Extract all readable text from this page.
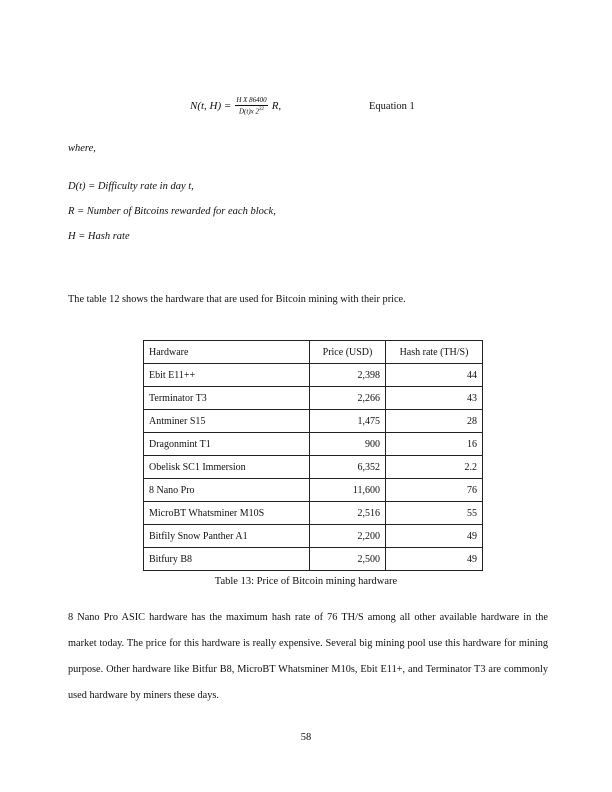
N(t, $H) = \frac{\text{H X 86400}}{D(t)x 2^{32}} R$,	Equation 1
where,
D(t) = Difficulty rate in day t,
R = Number of Bitcoins rewarded for each block,
H = Hash rate
The table 12 shows the hardware that are used for Bitcoin mining with their price.
Hardware	Price (USD)	Hash rate (TH/S)
Ebit E11++	2,398	44
Terminator T3	2,266	43
Antminer S15	1,475	28
Dragonmint T1	900	16
Obelisk SC1 Immersion	6,352	2.2
8 Nano Pro	11,600	76
MicroBT Whatsminer M10S	2,516	55
Bitfily Snow Panther A1	2,200	49
Bitfury B8	2,500	49
Table 13: Price of Bitcoin mining hardware
8 Nano Pro ASIC hardware has the maximum hash rate of 76 TH/S among all other available hardware in the market today. The price for this hardware is really expensive. Several big mining pool use this hardware for mining purpose. Other hardware like Bitfur B8, MicroBT Whatsminer M10s, Ebit E11+, and Terminator T3 are commonly used hardware by miners these days.
58
